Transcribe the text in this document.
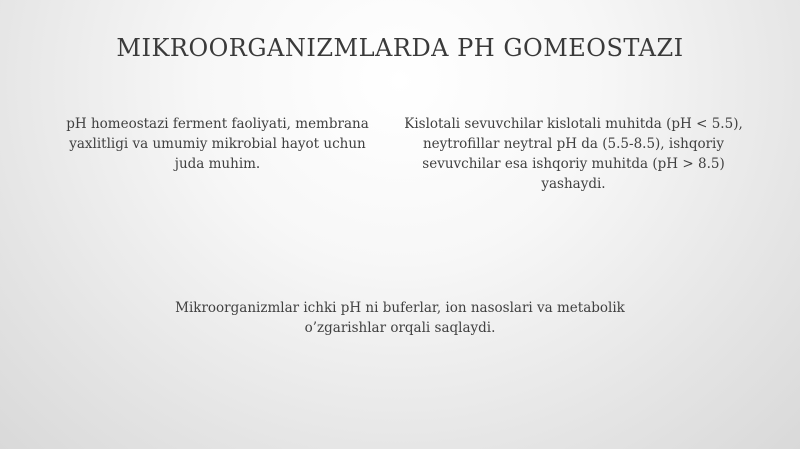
MIKROORGANIZMLARDA PH GOMEOSTAZI

pH homeostazi ferment faoliyati, membrana yaxlitligi va umumiy mikrobial hayot uchun juda muhim.

Kislotali sevuvchilar kislotali muhitda (pH < 5.5), neytrofillar neytral pH da (5.5-8.5), ishqoriy sevuvchilar esa ishqoriy muhitda (pH > 8.5) yashaydi.

Mikroorganizmlar ichki pH ni buferlar, ion nasoslari va metabolik o’zgarishlar orqali saqlaydi.
